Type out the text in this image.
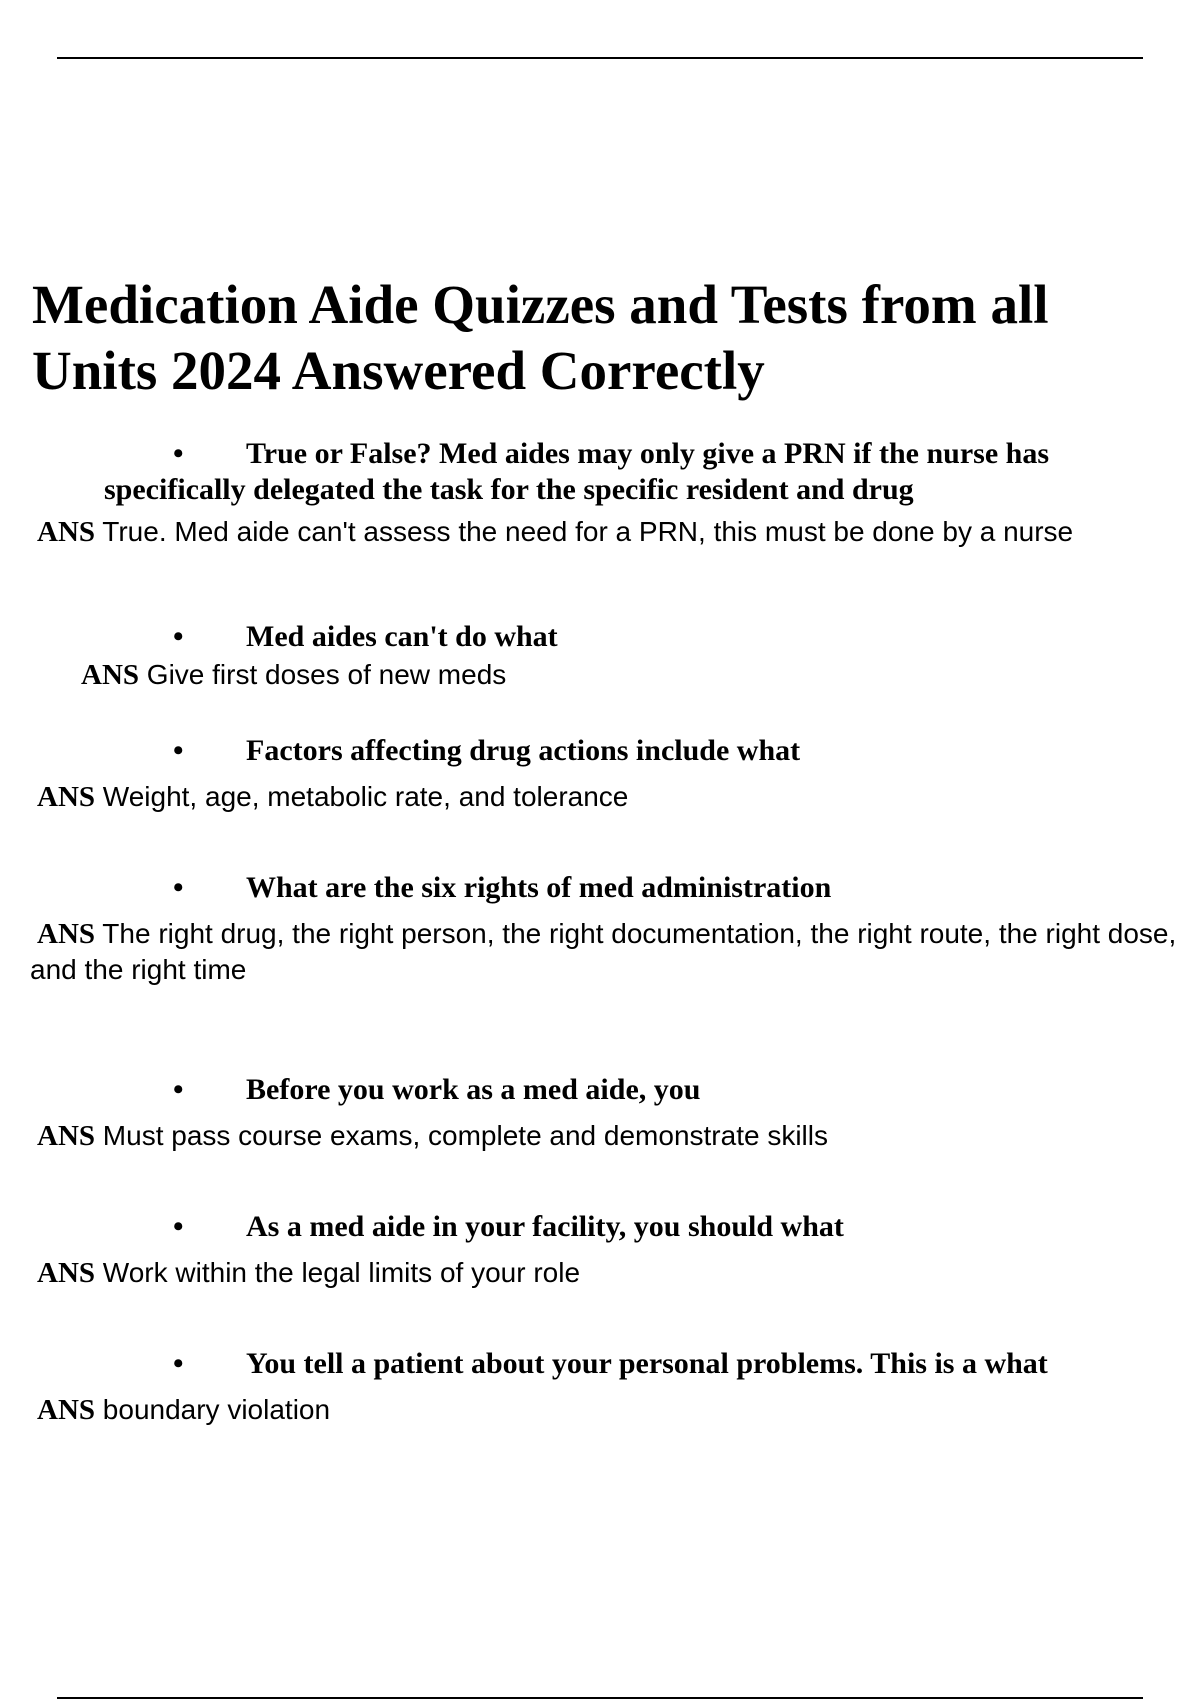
Medication Aide Quizzes and Tests from all
Units 2024 Answered Correctly
• True or False? Med aides may only give a PRN if the nurse has specifically delegated the task for the specific resident and drug
ANS True. Med aide can't assess the need for a PRN, this must be done by a nurse
• Med aides can't do what
ANS Give first doses of new meds
• Factors affecting drug actions include what
ANS Weight, age, metabolic rate, and tolerance
• What are the six rights of med administration
ANS The right drug, the right person, the right documentation, the right route, the right dose, and the right time
• Before you work as a med aide, you
ANS Must pass course exams, complete and demonstrate skills
• As a med aide in your facility, you should what
ANS Work within the legal limits of your role
• You tell a patient about your personal problems. This is a what
ANS boundary violation
